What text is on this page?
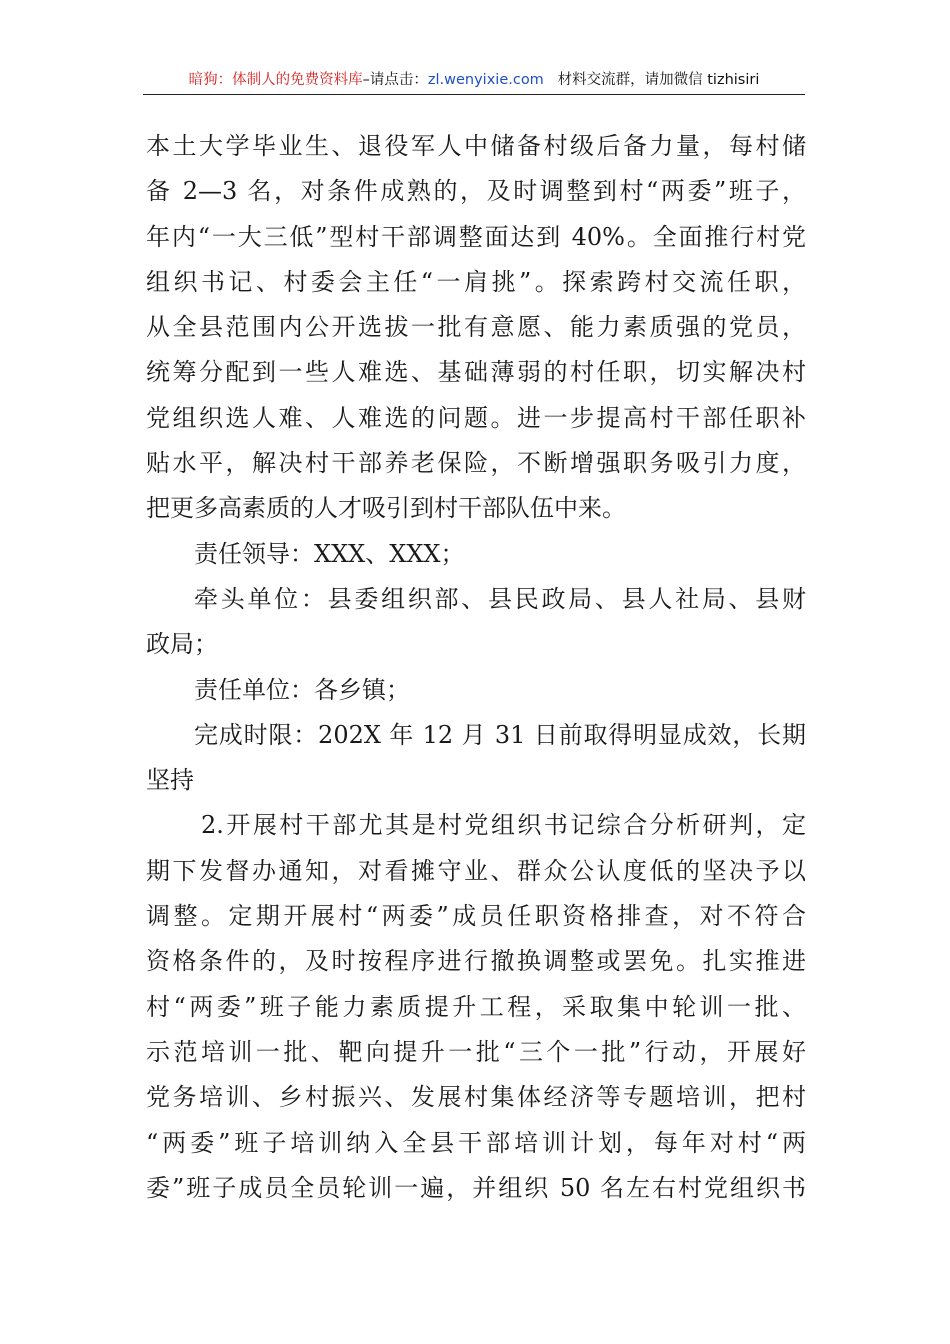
暗狗：体制人的免费资料库–请点击：zl.wenyixie.com 材料交流群，请加微信 tizhisiri
本土大学毕业生、退役军人中储备村级后备力量，每村储
备 2—3 名，对条件成熟的，及时调整到村“两委”班子，
年内“一大三低”型村干部调整面达到 40%。全面推行村党
组织书记、村委会主任“一肩挑”。探索跨村交流任职，
从全县范围内公开选拔一批有意愿、能力素质强的党员，
统筹分配到一些人难选、基础薄弱的村任职，切实解决村
党组织选人难、人难选的问题。进一步提高村干部任职补
贴水平，解决村干部养老保险，不断增强职务吸引力度，
把更多高素质的人才吸引到村干部队伍中来。
责任领导：XXX、XXX；
牵头单位：县委组织部、县民政局、县人社局、县财
政局；
责任单位：各乡镇；
完成时限：202X 年 12 月 31 日前取得明显成效，长期
坚持
2.开展村干部尤其是村党组织书记综合分析研判，定
期下发督办通知，对看摊守业、群众公认度低的坚决予以
调整。定期开展村“两委”成员任职资格排查，对不符合
资格条件的，及时按程序进行撤换调整或罢免。扎实推进
村“两委”班子能力素质提升工程，采取集中轮训一批、
示范培训一批、靶向提升一批“三个一批”行动，开展好
党务培训、乡村振兴、发展村集体经济等专题培训，把村
“两委”班子培训纳入全县干部培训计划，每年对村“两
委”班子成员全员轮训一遍，并组织 50 名左右村党组织书
